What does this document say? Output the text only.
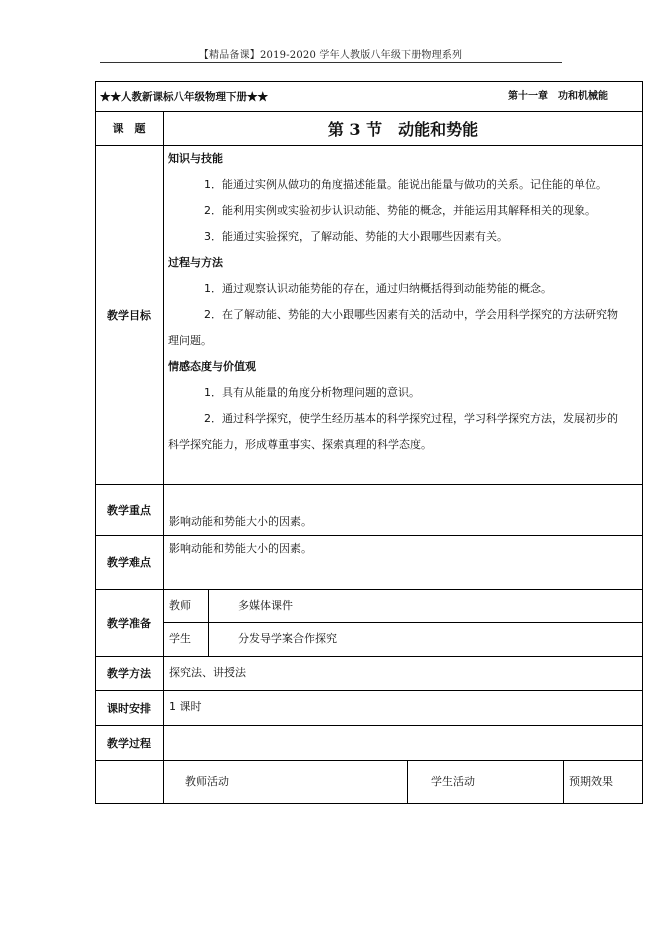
【精品备课】2019-2020 学年人教版八年级下册物理系列
★★人教新课标八年级物理下册★★	第十一章　功和机械能
课　题	第 3 节　动能和势能
教学目标
知识与技能
1．能通过实例从做功的角度描述能量。能说出能量与做功的关系。记住能的单位。
2．能利用实例或实验初步认识动能、势能的概念，并能运用其解释相关的现象。
3．能通过实验探究，了解动能、势能的大小跟哪些因素有关。
过程与方法
1．通过观察认识动能势能的存在，通过归纳概括得到动能势能的概念。
2．在了解动能、势能的大小跟哪些因素有关的活动中，学会用科学探究的方法研究物
理问题。
情感态度与价值观
1．具有从能量的角度分析物理问题的意识。
2．通过科学探究，使学生经历基本的科学探究过程，学习科学探究方法，发展初步的
科学探究能力，形成尊重事实、探索真理的科学态度。
教学重点
影响动能和势能大小的因素。
教学难点
影响动能和势能大小的因素。
教学准备
教师	多媒体课件
学生	分发导学案合作探究
教学方法	探究法、讲授法
课时安排	1 课时
教学过程
教师活动	学生活动	预期效果
